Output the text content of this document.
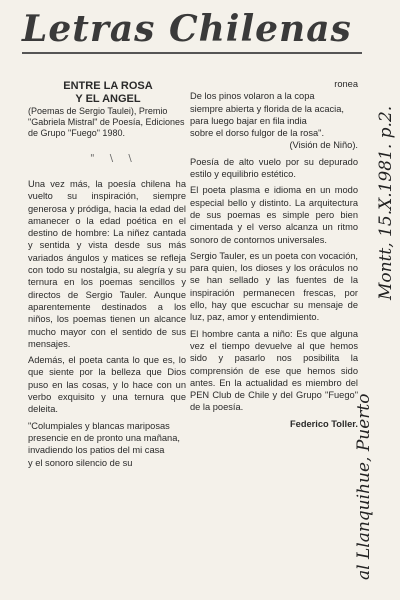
Letras Chilenas
ENTRE LA ROSA
Y EL ANGEL
(Poemas de Sergio Taulei), Premio "Gabriela Mistral" de Poesía, Ediciones de Grupo "Fuego" 1980.
" \ \

Una vez más, la poesía chilena ha vuelto su inspiración, siempre generosa y pródiga, hacia la edad del amanecer o la edad poética en el destino de hombre: La niñez cantada y sentida y vista desde sus más variados ángulos y matices se refleja con todo su nostalgia, su alegría y su ternura en los poemas sencillos y directos de Sergio Tauler. Aunque aparentemente destinados a los niños, los poemas tienen un alcance mucho mayor con el sentido de sus mensajes.

Además, el poeta canta lo que es, lo que siente por la belleza que Dios puso en las cosas, y lo hace con un verbo exquisito y una ternura que deleita.

"Columpiales y blancas mariposas

presencie en de pronto una mañana,

invadiendo los patios del mi casa

y el sonoro silencio de su

ronea

De los pinos volaron a la copa

siempre abierta y florida de la acacia,

para luego bajar en fila india

sobre el dorso fulgor de la rosa".

(Visión de Niño).

Poesía de alto vuelo por su depurado estilo y equilibrio estético.

El poeta plasma e idioma en un modo especial bello y distinto. La arquitectura de sus poemas es simple pero bien cimentada y el verso alcanza un ritmo sonoro de contornos universales.

Sergio Tauler, es un poeta con vocación, para quien, los dioses y los oráculos no se han sellado y las fuentes de la inspiración permanecen frescas, por ello, hay que escuchar su mensaje de luz, paz, amor y entendimiento.

El hombre canta a niño: Es que alguna vez el tiempo devuelve al que hemos sido y pasarlo nos posibilita la comprensión de ese que hemos sido antes. En la actualidad es miembro del PEN Club de Chile y del Grupo "Fuego" de la poesía.

Federico Toller.
Montt, 15.X.1981. p.2.
al Llanquihue, Puerto
